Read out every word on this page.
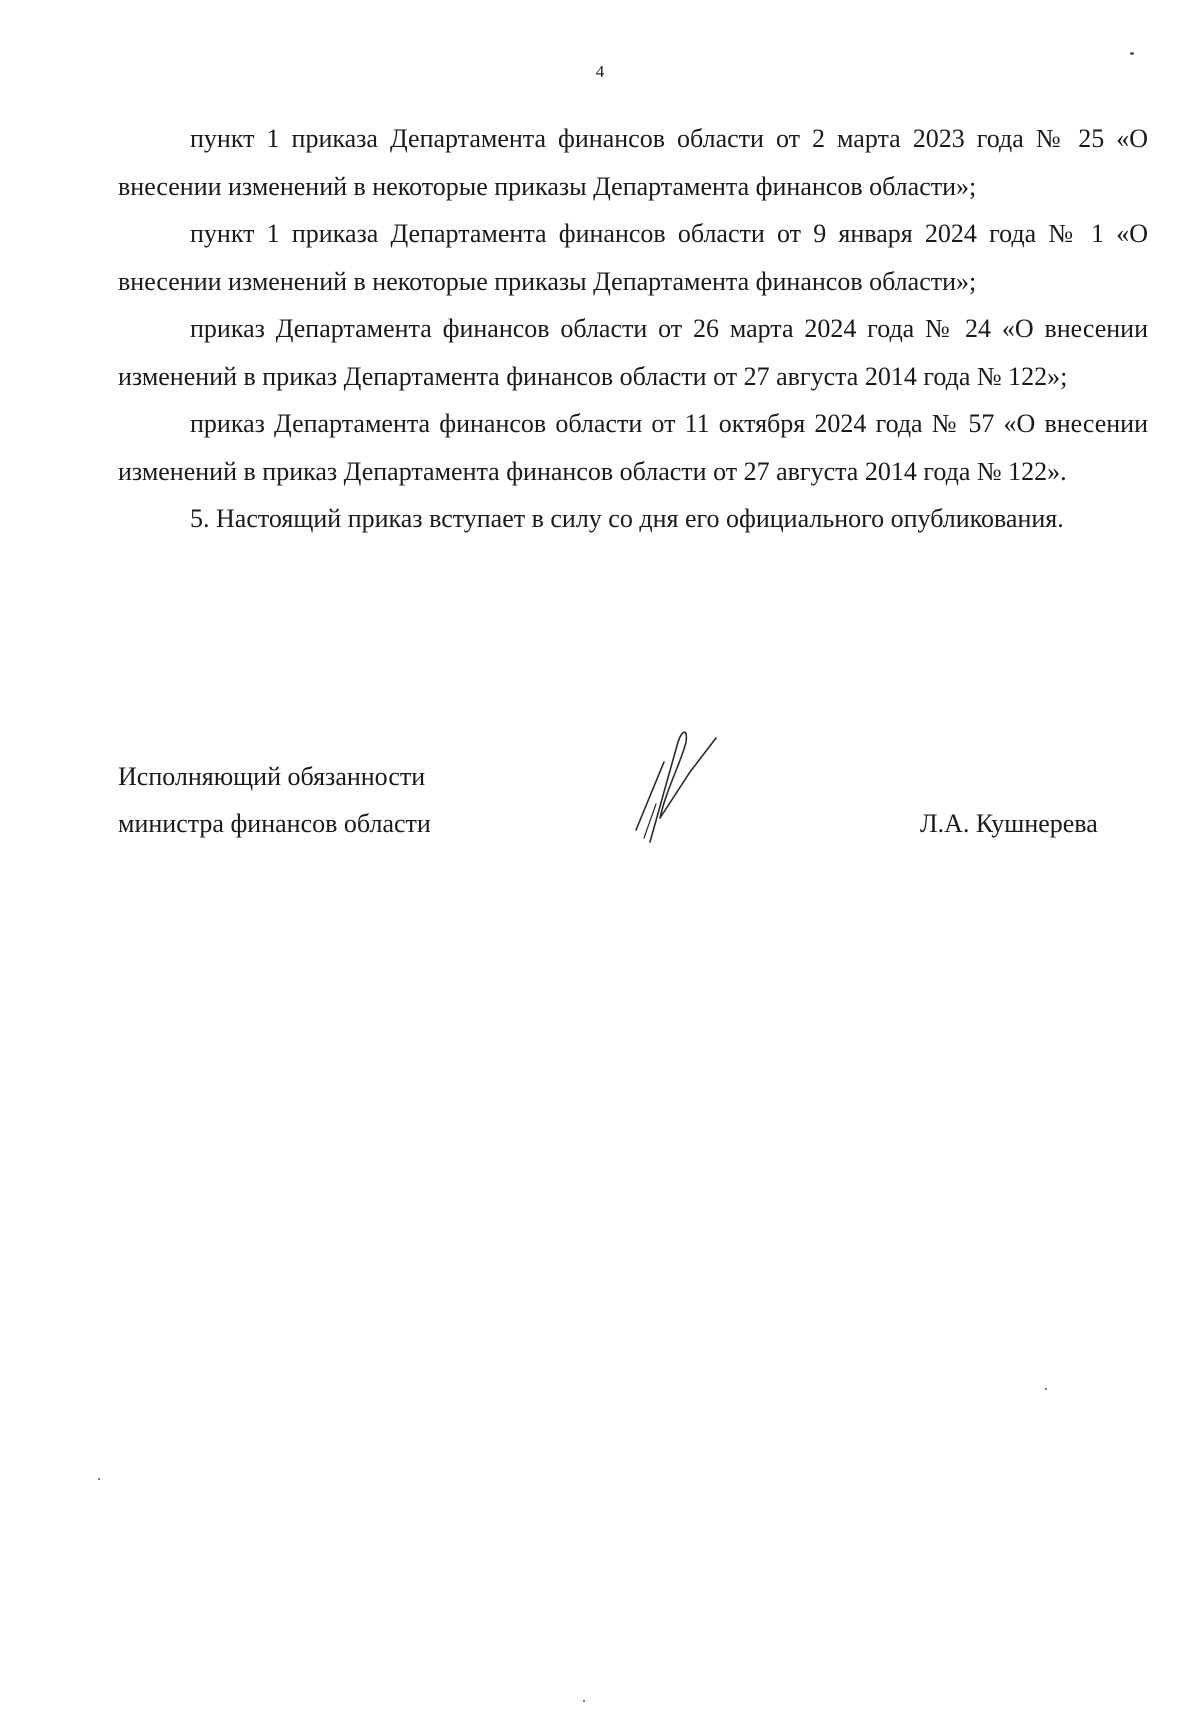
4

пункт 1 приказа Департамента финансов области от 2 марта 2023 года № 25 «О внесении изменений в некоторые приказы Департамента финансов области»;

пункт 1 приказа Департамента финансов области от 9 января 2024 года № 1 «О внесении изменений в некоторые приказы Департамента финансов области»;

приказ Департамента финансов области от 26 марта 2024 года № 24 «О внесении изменений в приказ Департамента финансов области от 27 августа 2014 года № 122»;

приказ Департамента финансов области от 11 октября 2024 года № 57 «О внесении изменений в приказ Департамента финансов области от 27 августа 2014 года № 122».

5. Настоящий приказ вступает в силу со дня его официального опубликования.

Исполняющий обязанности
министра финансов области	Л.А. Кушнерева
